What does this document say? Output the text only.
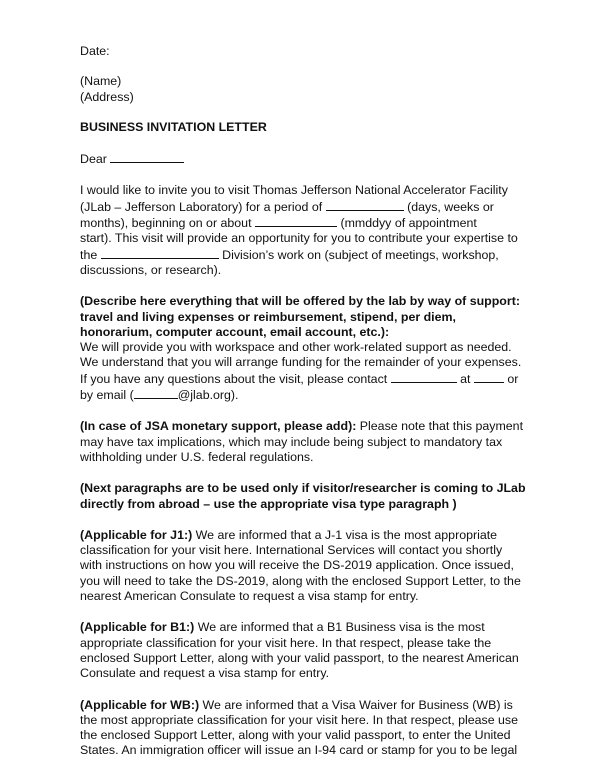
Date:
(Name)
(Address)
BUSINESS INVITATION LETTER
Dear
I would like to invite you to visit Thomas Jefferson National Accelerator Facility
(JLab – Jefferson Laboratory) for a period of	(days, weeks or
months), beginning on or about	(mmddyy of appointment
start). This visit will provide an opportunity for you to contribute your expertise to
the	Division’s work on (subject of meetings, workshop,
discussions, or research).
(Describe here everything that will be offered by the lab by way of support:
travel and living expenses or reimbursement, stipend, per diem,
honorarium, computer account, email account, etc.):
We will provide you with workspace and other work-related support as needed.
We understand that you will arrange funding for the remainder of your expenses.
If you have any questions about the visit, please contact	at	or
by email (	@jlab.org).
(In case of JSA monetary support, please add): Please note that this payment
may have tax implications, which may include being subject to mandatory tax
withholding under U.S. federal regulations.
(Next paragraphs are to be used only if visitor/researcher is coming to JLab
directly from abroad – use the appropriate visa type paragraph )
(Applicable for J1:) We are informed that a J-1 visa is the most appropriate
classification for your visit here. International Services will contact you shortly
with instructions on how you will receive the DS-2019 application. Once issued,
you will need to take the DS-2019, along with the enclosed Support Letter, to the
nearest American Consulate to request a visa stamp for entry.
(Applicable for B1:) We are informed that a B1 Business visa is the most
appropriate classification for your visit here. In that respect, please take the
enclosed Support Letter, along with your valid passport, to the nearest American
Consulate and request a visa stamp for entry.
(Applicable for WB:) We are informed that a Visa Waiver for Business (WB) is
the most appropriate classification for your visit here. In that respect, please use
the enclosed Support Letter, along with your valid passport, to enter the United
States. An immigration officer will issue an I-94 card or stamp for you to be legal
